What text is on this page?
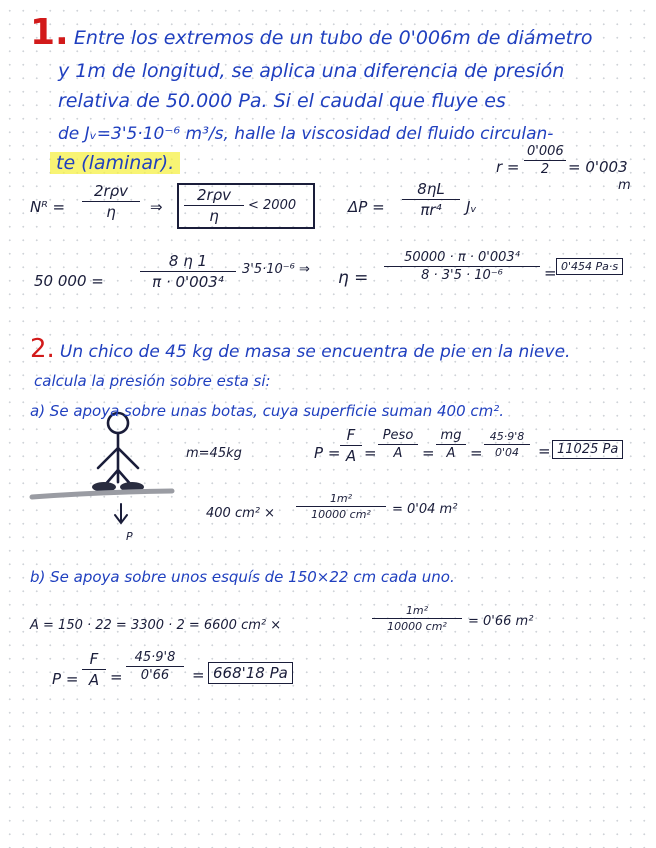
1. Entre los extremos de un tubo de 0'006m de diámetro
y 1m de longitud, se aplica una diferencia de presión
relativa de 50.000 Pa. Si el caudal que fluye es
de Jᵥ=3'5·10⁻⁶ m³/s, halle la viscosidad del fluido circulan-
te (laminar).	r =
0'006
2	= 0'003
m
Nᴿ =
2rρv
η	⇒
2rρv
η
< 2000	ΔP =
8ηL
πr⁴	Jᵥ
50 000 =
8 η 1
π · 0'003⁴
3'5·10⁻⁶ ⇒ η =
50000 · π · 0'003⁴
8 · 3'5 · 10⁻⁶	= 0'454 Pa·s
2. Un chico de 45 kg de masa se encuentra de pie en la nieve.
calcula la presión sobre esta si:
a) Se apoya sobre unas botas, cuya superficie suman 400 cm².
m=45kg	P =
F
A =
Peso
A	=
mg
A =
45·9'8
0'04	= 11025 Pa
P
400 cm² ×
1m²
10000 cm²	= 0'04 m²
b) Se apoya sobre unos esquís de 150×22 cm cada uno.
A = 150 · 22 = 3300 · 2 = 6600 cm² ×
1m²
10000 cm²	= 0'66 m²
P =
F
A =
45·9'8
0'66	= 668'18 Pa
